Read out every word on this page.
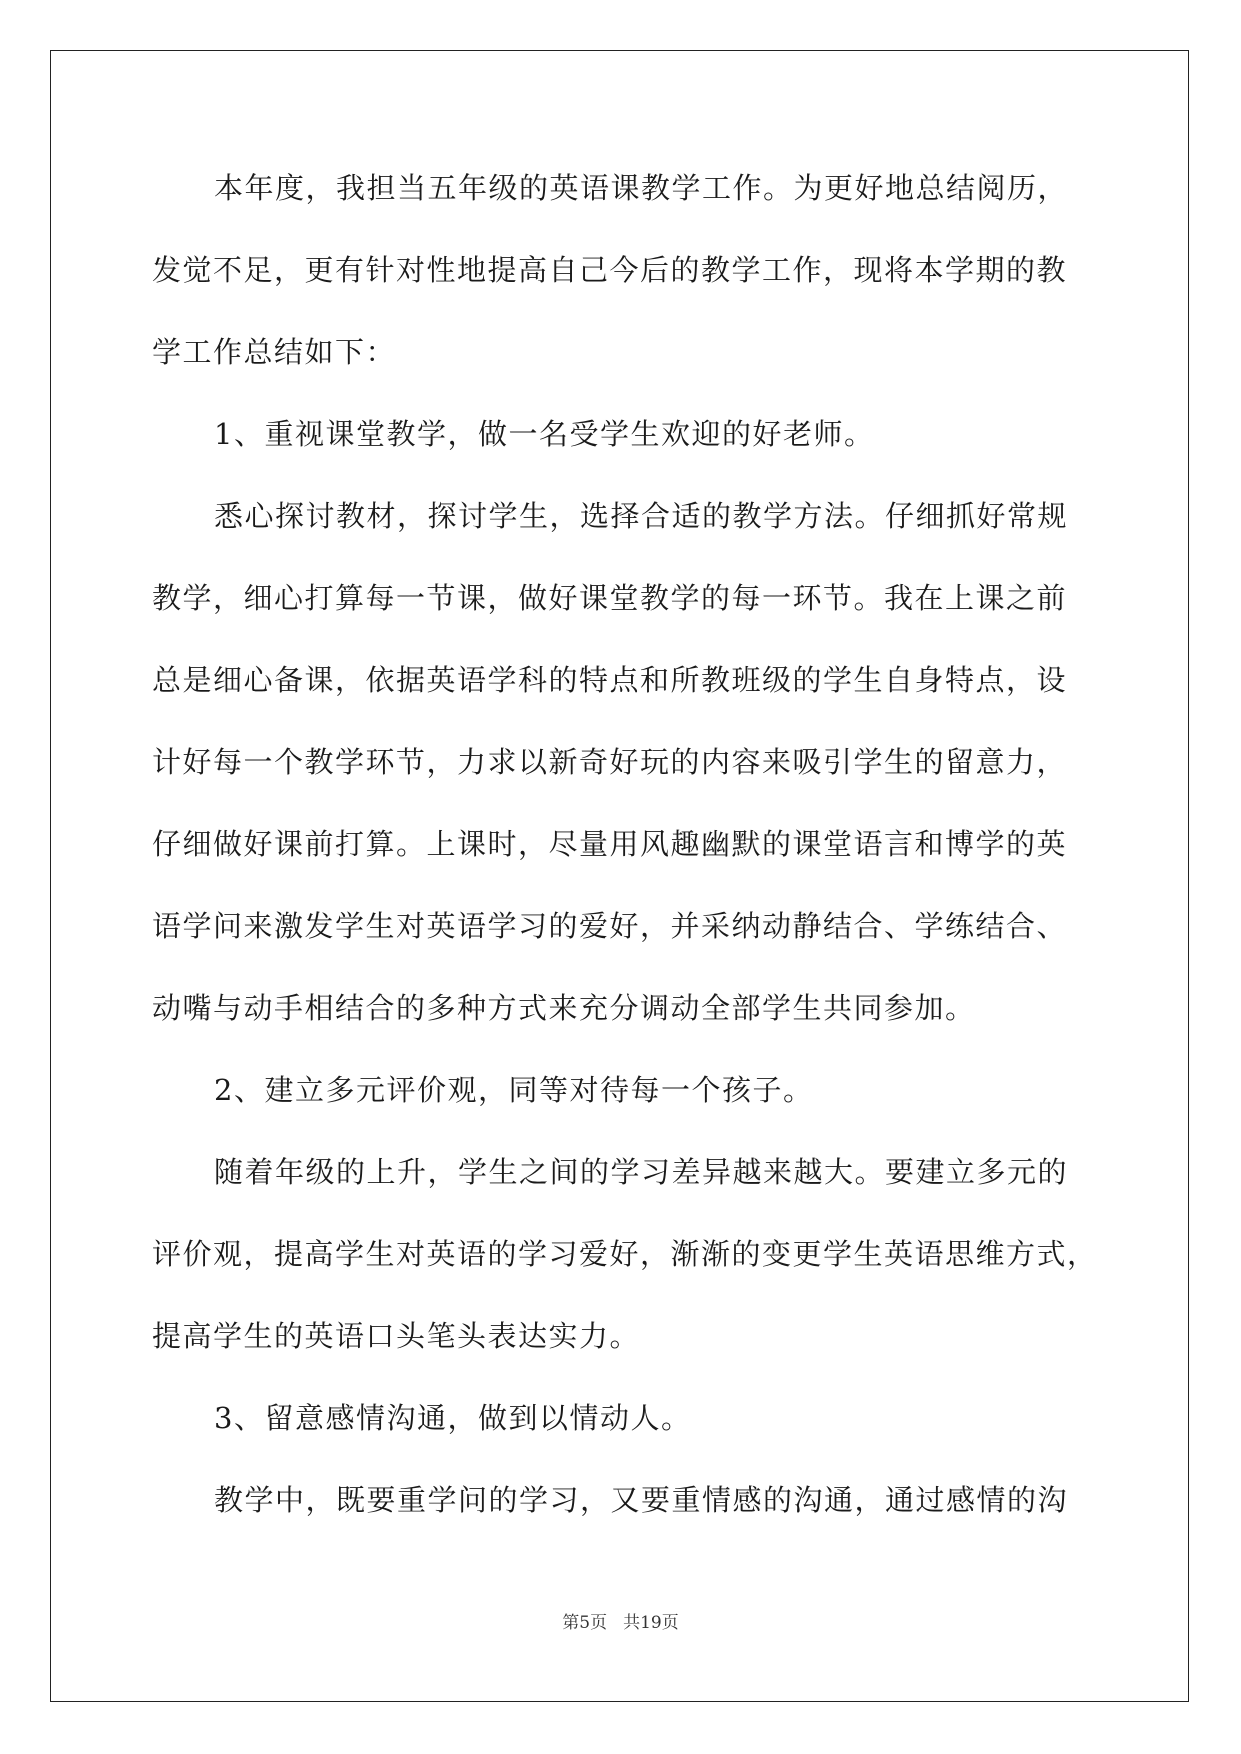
本年度，我担当五年级的英语课教学工作。为更好地总结阅历，
发觉不足，更有针对性地提高自己今后的教学工作，现将本学期的教
学工作总结如下：
1、重视课堂教学，做一名受学生欢迎的好老师。
悉心探讨教材，探讨学生，选择合适的教学方法。仔细抓好常规
教学，细心打算每一节课，做好课堂教学的每一环节。我在上课之前
总是细心备课，依据英语学科的特点和所教班级的学生自身特点，设
计好每一个教学环节，力求以新奇好玩的内容来吸引学生的留意力，
仔细做好课前打算。上课时，尽量用风趣幽默的课堂语言和博学的英
语学问来激发学生对英语学习的爱好，并采纳动静结合、学练结合、
动嘴与动手相结合的多种方式来充分调动全部学生共同参加。
2、建立多元评价观，同等对待每一个孩子。
随着年级的上升，学生之间的学习差异越来越大。要建立多元的
评价观，提高学生对英语的学习爱好，渐渐的变更学生英语思维方式，
提高学生的英语口头笔头表达实力。
3、留意感情沟通，做到以情动人。
教学中，既要重学问的学习，又要重情感的沟通，通过感情的沟
第5页 共19页
